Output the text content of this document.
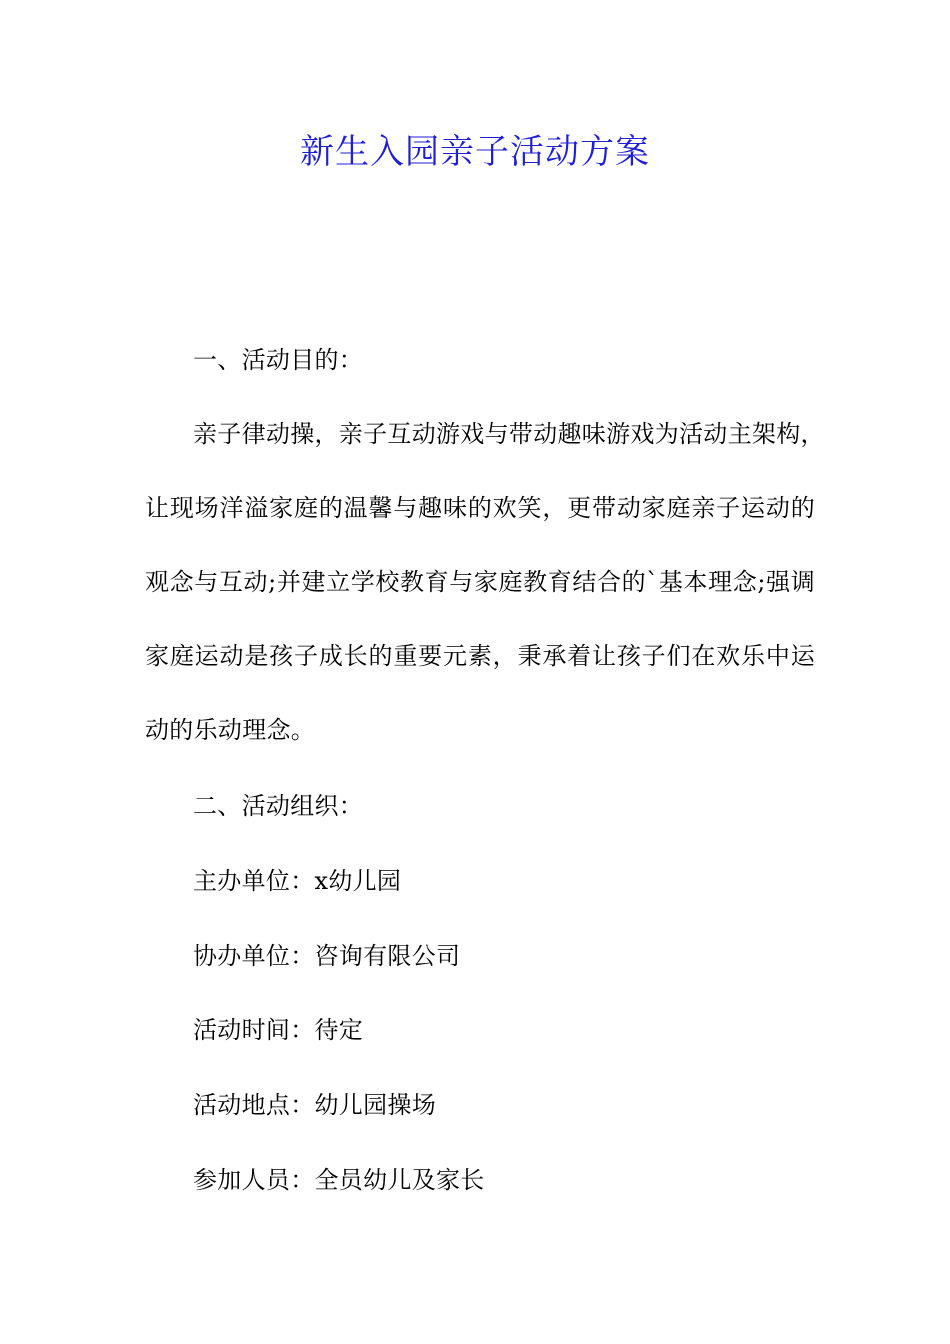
新生入园亲子活动方案
一、活动目的：
亲子律动操，亲子互动游戏与带动趣味游戏为活动主架构，
让现场洋溢家庭的温馨与趣味的欢笑，更带动家庭亲子运动的
观念与互动;并建立学校教育与家庭教育结合的`基本理念;强调
家庭运动是孩子成长的重要元素，秉承着让孩子们在欢乐中运
动的乐动理念。
二、活动组织：
主办单位：x幼儿园
协办单位：咨询有限公司
活动时间：待定
活动地点：幼儿园操场
参加人员：全员幼儿及家长
